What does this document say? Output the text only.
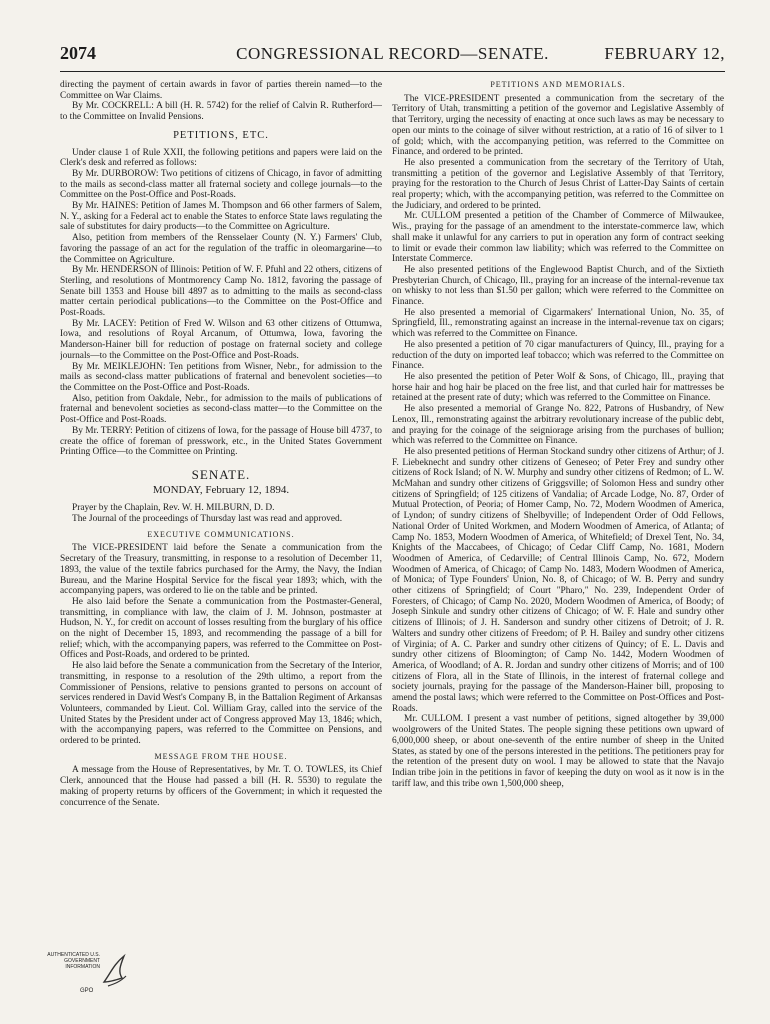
2074	CONGRESSIONAL RECORD—SENATE.	FEBRUARY 12,

directing the payment of certain awards in favor of parties therein named—to the Committee on War Claims.

By Mr. COCKRELL: A bill (H. R. 5742) for the relief of Calvin R. Rutherford—to the Committee on Invalid Pensions.

PETITIONS, ETC.

Under clause 1 of Rule XXII, the following petitions and papers were laid on the Clerk's desk and referred as follows:

By Mr. DURBOROW: Two petitions of citizens of Chicago, in favor of admitting to the mails as second-class matter all fraternal society and college journals—to the Committee on the Post-Office and Post-Roads.

By Mr. HAINES: Petition of James M. Thompson and 66 other farmers of Salem, N. Y., asking for a Federal act to enable the States to enforce State laws regulating the sale of substitutes for dairy products—to the Committee on Agriculture.

Also, petition from members of the Rensselaer County (N. Y.) Farmers' Club, favoring the passage of an act for the regulation of the traffic in oleomargarine—to the Committee on Agriculture.

By Mr. HENDERSON of Illinois: Petition of W. F. Pfuhl and 22 others, citizens of Sterling, and resolutions of Montmorency Camp No. 1812, favoring the passage of Senate bill 1353 and House bill 4897 as to admitting to the mails as second-class matter certain periodical publications—to the Committee on the Post-Office and Post-Roads.

By Mr. LACEY: Petition of Fred W. Wilson and 63 other citizens of Ottumwa, Iowa, and resolutions of Royal Arcanum, of Ottumwa, Iowa, favoring the Manderson-Hainer bill for reduction of postage on fraternal society and college journals—to the Committee on the Post-Office and Post-Roads.

By Mr. MEIKLEJOHN: Ten petitions from Wisner, Nebr., for admission to the mails as second-class matter publications of fraternal and benevolent societies—to the Committee on the Post-Office and Post-Roads.

Also, petition from Oakdale, Nebr., for admission to the mails of publications of fraternal and benevolent societies as second-class matter—to the Committee on the Post-Office and Post-Roads.

By Mr. TERRY: Petition of citizens of Iowa, for the passage of House bill 4737, to create the office of foreman of presswork, etc., in the United States Government Printing Office—to the Committee on Printing.

SENATE.
MONDAY, February 12, 1894.

Prayer by the Chaplain, Rev. W. H. MILBURN, D. D.

The Journal of the proceedings of Thursday last was read and approved.

EXECUTIVE COMMUNICATIONS.

The VICE-PRESIDENT laid before the Senate a communication from the Secretary of the Treasury, transmitting, in response to a resolution of December 11, 1893, the value of the textile fabrics purchased for the Army, the Navy, the Indian Bureau, and the Marine Hospital Service for the fiscal year 1893; which, with the accompanying papers, was ordered to lie on the table and be printed.

He also laid before the Senate a communication from the Postmaster-General, transmitting, in compliance with law, the claim of J. M. Johnson, postmaster at Hudson, N. Y., for credit on account of losses resulting from the burglary of his office on the night of December 15, 1893, and recommending the passage of a bill for relief; which, with the accompanying papers, was referred to the Committee on Post-Offices and Post-Roads, and ordered to be printed.

He also laid before the Senate a communication from the Secretary of the Interior, transmitting, in response to a resolution of the 29th ultimo, a report from the Commissioner of Pensions, relative to pensions granted to persons on account of services rendered in David West's Company B, in the Battalion Regiment of Arkansas Volunteers, commanded by Lieut. Col. William Gray, called into the service of the United States by the President under act of Congress approved May 13, 1846; which, with the accompanying papers, was referred to the Committee on Pensions, and ordered to be printed.

MESSAGE FROM THE HOUSE.

A message from the House of Representatives, by Mr. T. O. TOWLES, its Chief Clerk, announced that the House had passed a bill (H. R. 5530) to regulate the making of property returns by officers of the Government; in which it requested the concurrence of the Senate.

PETITIONS AND MEMORIALS.

The VICE-PRESIDENT presented a communication from the secretary of the Territory of Utah, transmitting a petition of the governor and Legislative Assembly of that Territory, urging the necessity of enacting at once such laws as may be necessary to open our mints to the coinage of silver without restriction, at a ratio of 16 of silver to 1 of gold; which, with the accompanying petition, was referred to the Committee on Finance, and ordered to be printed.

He also presented a communication from the secretary of the Territory of Utah, transmitting a petition of the governor and Legislative Assembly of that Territory, praying for the restoration to the Church of Jesus Christ of Latter-Day Saints of certain real property; which, with the accompanying petition, was referred to the Committee on the Judiciary, and ordered to be printed.

Mr. CULLOM presented a petition of the Chamber of Commerce of Milwaukee, Wis., praying for the passage of an amendment to the interstate-commerce law, which shall make it unlawful for any carriers to put in operation any form of contract seeking to limit or evade their common law liability; which was referred to the Committee on Interstate Commerce.

He also presented petitions of the Englewood Baptist Church, and of the Sixtieth Presbyterian Church, of Chicago, Ill., praying for an increase of the internal-revenue tax on whisky to not less than $1.50 per gallon; which were referred to the Committee on Finance.

He also presented a memorial of Cigarmakers' International Union, No. 35, of Springfield, Ill., remonstrating against an increase in the internal-revenue tax on cigars; which was referred to the Committee on Finance.

He also presented a petition of 70 cigar manufacturers of Quincy, Ill., praying for a reduction of the duty on imported leaf tobacco; which was referred to the Committee on Finance.

He also presented the petition of Peter Wolf & Sons, of Chicago, Ill., praying that horse hair and hog hair be placed on the free list, and that curled hair for mattresses be retained at the present rate of duty; which was referred to the Committee on Finance.

He also presented a memorial of Grange No. 822, Patrons of Husbandry, of New Lenox, Ill., remonstrating against the arbitrary revolutionary increase of the public debt, and praying for the coinage of the seigniorage arising from the purchases of bullion; which was referred to the Committee on Finance.

He also presented petitions of Herman Stockand sundry other citizens of Arthur; of J. F. Liebeknecht and sundry other citizens of Geneseo; of Peter Frey and sundry other citizens of Rock Island; of N. W. Murphy and sundry other citizens of Redmon; of L. W. McMahan and sundry other citizens of Griggsville; of Solomon Hess and sundry other citizens of Springfield; of 125 citizens of Vandalia; of Arcade Lodge, No. 87, Order of Mutual Protection, of Peoria; of Homer Camp, No. 72, Modern Woodmen of America, of Lyndon; of sundry citizens of Shelbyville; of Independent Order of Odd Fellows, National Order of United Workmen, and Modern Woodmen of America, of Atlanta; of Camp No. 1853, Modern Woodmen of America, of Whitefield; of Drexel Tent, No. 34, Knights of the Maccabees, of Chicago; of Cedar Cliff Camp, No. 1681, Modern Woodmen of America, of Cedarville; of Central Illinois Camp, No. 672, Modern Woodmen of America, of Chicago; of Camp No. 1483, Modern Woodmen of America, of Monica; of Type Founders' Union, No. 8, of Chicago; of W. B. Perry and sundry other citizens of Springfield; of Court "Pharo," No. 239, Independent Order of Foresters, of Chicago; of Camp No. 2020, Modern Woodmen of America, of Boody; of Joseph Sinkule and sundry other citizens of Chicago; of W. F. Hale and sundry other citizens of Illinois; of J. H. Sanderson and sundry other citizens of Detroit; of J. R. Walters and sundry other citizens of Freedom; of P. H. Bailey and sundry other citizens of Virginia; of A. C. Parker and sundry other citizens of Quincy; of E. L. Davis and sundry other citizens of Bloomington; of Camp No. 1442, Modern Woodmen of America, of Woodland; of A. R. Jordan and sundry other citizens of Morris; and of 100 citizens of Flora, all in the State of Illinois, in the interest of fraternal college and society journals, praying for the passage of the Manderson-Hainer bill, proposing to amend the postal laws; which were referred to the Committee on Post-Offices and Post-Roads.

Mr. CULLOM. I present a vast number of petitions, signed altogether by 39,000 woolgrowers of the United States. The people signing these petitions own upward of 6,000,000 sheep, or about one-seventh of the entire number of sheep in the United States, as stated by one of the persons interested in the petitions. The petitioners pray for the retention of the present duty on wool. I may be allowed to state that the Navajo Indian tribe join in the petitions in favor of keeping the duty on wool as it now is in the tariff law, and this tribe own 1,500,000 sheep,

AUTHENTICATED U.S. GOVERNMENT INFORMATION
GPO
